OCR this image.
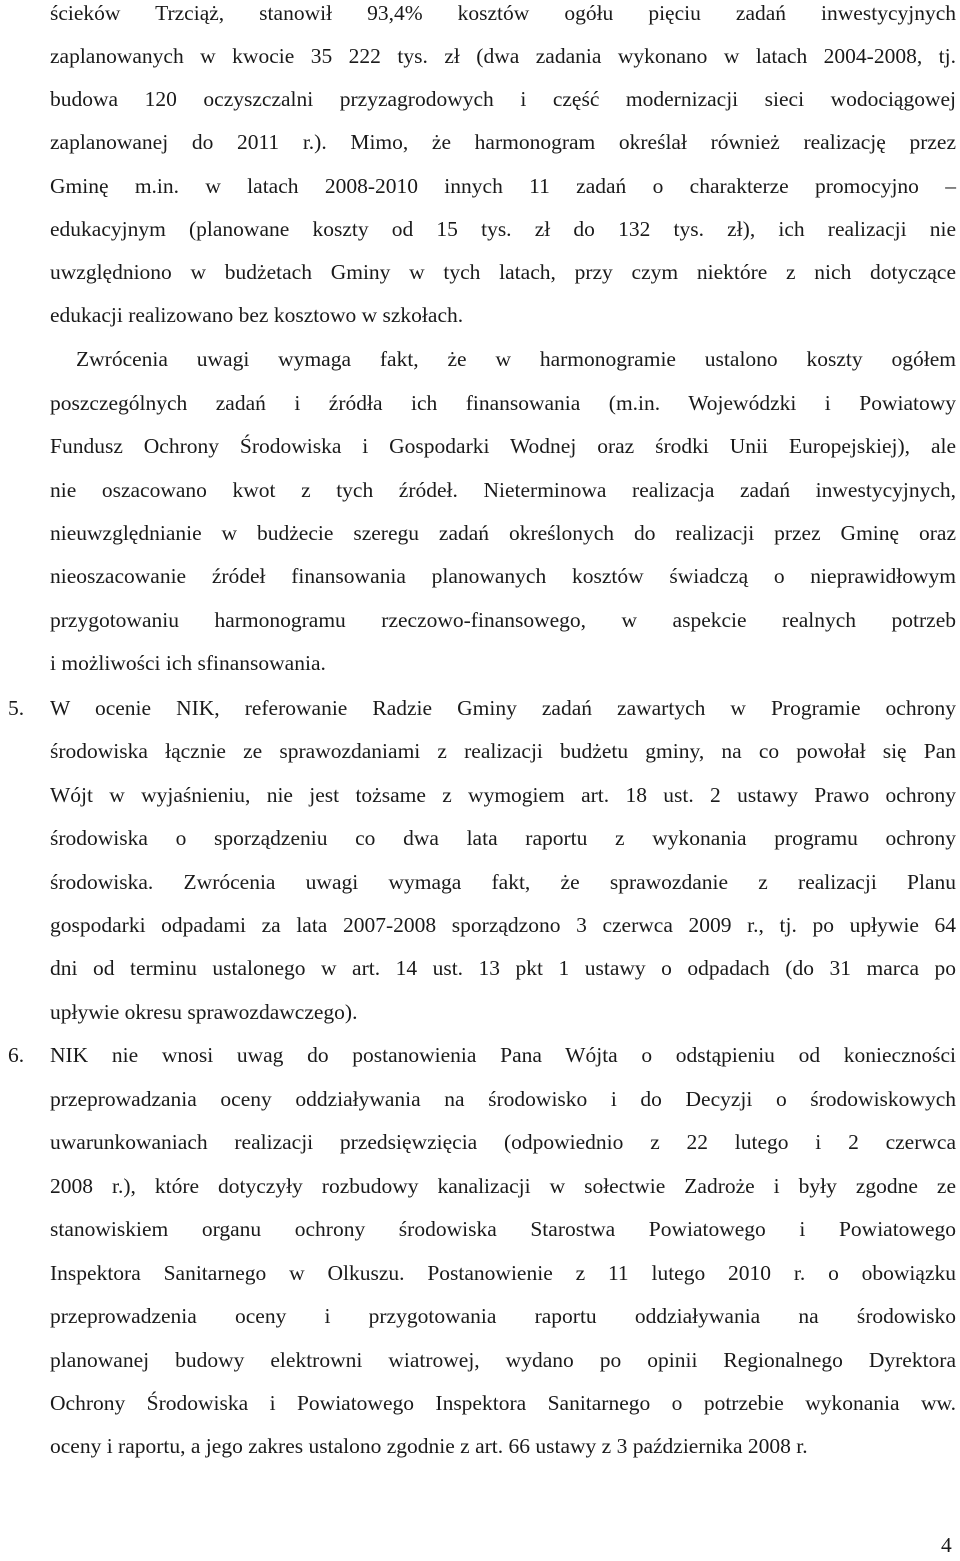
ścieków Trzciąż, stanowił 93,4% kosztów ogółu pięciu zadań inwestycyjnych
zaplanowanych w kwocie 35 222 tys. zł (dwa zadania wykonano w latach 2004-2008, tj.
budowa 120 oczyszczalni przyzagrodowych i część modernizacji sieci wodociągowej
zaplanowanej do 2011 r.). Mimo, że harmonogram określał również realizację przez
Gminę m.in. w latach 2008-2010 innych 11 zadań o charakterze promocyjno –
edukacyjnym (planowane koszty od 15 tys. zł do 132 tys. zł), ich realizacji nie
uwzględniono w budżetach Gminy w tych latach, przy czym niektóre z nich dotyczące
edukacji realizowano bez kosztowo w szkołach.
Zwrócenia uwagi wymaga fakt, że w harmonogramie ustalono koszty ogółem
poszczególnych zadań i źródła ich finansowania (m.in. Wojewódzki i Powiatowy
Fundusz Ochrony Środowiska i Gospodarki Wodnej oraz środki Unii Europejskiej), ale
nie oszacowano kwot z tych źródeł. Nieterminowa realizacja zadań inwestycyjnych,
nieuwzględnianie w budżecie szeregu zadań określonych do realizacji przez Gminę oraz
nieoszacowanie źródeł finansowania planowanych kosztów świadczą o nieprawidłowym
przygotowaniu harmonogramu rzeczowo-finansowego, w aspekcie realnych potrzeb
i możliwości ich sfinansowania.
5. W ocenie NIK, referowanie Radzie Gminy zadań zawartych w Programie ochrony
środowiska łącznie ze sprawozdaniami z realizacji budżetu gminy, na co powołał się Pan
Wójt w wyjaśnieniu, nie jest tożsame z wymogiem art. 18 ust. 2 ustawy Prawo ochrony
środowiska o sporządzeniu co dwa lata raportu z wykonania programu ochrony
środowiska. Zwrócenia uwagi wymaga fakt, że sprawozdanie z realizacji Planu
gospodarki odpadami za lata 2007-2008 sporządzono 3 czerwca 2009 r., tj. po upływie 64
dni od terminu ustalonego w art. 14 ust. 13 pkt 1 ustawy o odpadach (do 31 marca po
upływie okresu sprawozdawczego).
6. NIK nie wnosi uwag do postanowienia Pana Wójta o odstąpieniu od konieczności
przeprowadzania oceny oddziaływania na środowisko i do Decyzji o środowiskowych
uwarunkowaniach realizacji przedsięwzięcia (odpowiednio z 22 lutego i 2 czerwca
2008 r.), które dotyczyły rozbudowy kanalizacji w sołectwie Zadroże i były zgodne ze
stanowiskiem organu ochrony środowiska Starostwa Powiatowego i Powiatowego
Inspektora Sanitarnego w Olkuszu. Postanowienie z 11 lutego 2010 r. o obowiązku
przeprowadzenia oceny i przygotowania raportu oddziaływania na środowisko
planowanej budowy elektrowni wiatrowej, wydano po opinii Regionalnego Dyrektora
Ochrony Środowiska i Powiatowego Inspektora Sanitarnego o potrzebie wykonania ww.
oceny i raportu, a jego zakres ustalono zgodnie z art. 66 ustawy z 3 października 2008 r.
4
